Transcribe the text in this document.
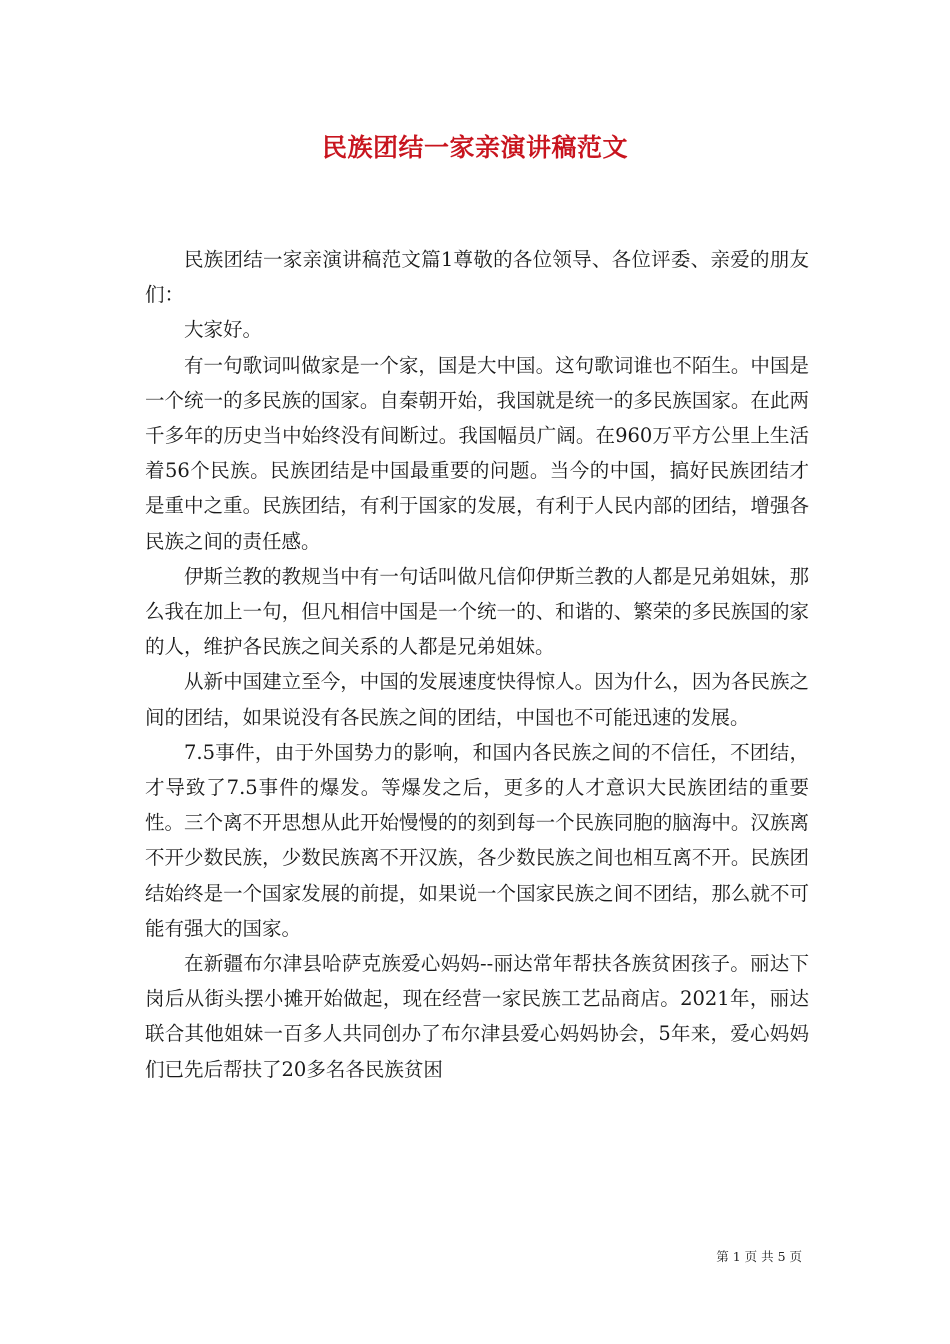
民族团结一家亲演讲稿范文

民族团结一家亲演讲稿范文篇1尊敬的各位领导、各位评委、亲爱的朋友们：

大家好。

有一句歌词叫做家是一个家，国是大中国。这句歌词谁也不陌生。中国是一个统一的多民族的国家。自秦朝开始，我国就是统一的多民族国家。在此两千多年的历史当中始终没有间断过。我国幅员广阔。在960万平方公里上生活着56个民族。民族团结是中国最重要的问题。当今的中国，搞好民族团结才是重中之重。民族团结，有利于国家的发展，有利于人民内部的团结，增强各民族之间的责任感。

伊斯兰教的教规当中有一句话叫做凡信仰伊斯兰教的人都是兄弟姐妹，那么我在加上一句，但凡相信中国是一个统一的、和谐的、繁荣的多民族国的家的人，维护各民族之间关系的人都是兄弟姐妹。

从新中国建立至今，中国的发展速度快得惊人。因为什么，因为各民族之间的团结，如果说没有各民族之间的团结，中国也不可能迅速的发展。

7.5事件，由于外国势力的影响，和国内各民族之间的不信任，不团结，才导致了7.5事件的爆发。等爆发之后，更多的人才意识大民族团结的重要性。三个离不开思想从此开始慢慢的的刻到每一个民族同胞的脑海中。汉族离不开少数民族，少数民族离不开汉族，各少数民族之间也相互离不开。民族团结始终是一个国家发展的前提，如果说一个国家民族之间不团结，那么就不可能有强大的国家。

在新疆布尔津县哈萨克族爱心妈妈--丽达常年帮扶各族贫困孩子。丽达下岗后从街头摆小摊开始做起，现在经营一家民族工艺品商店。2021年，丽达联合其他姐妹一百多人共同创办了布尔津县爱心妈妈协会，5年来，爱心妈妈们已先后帮扶了20多名各民族贫困

第 1 页 共 5 页
